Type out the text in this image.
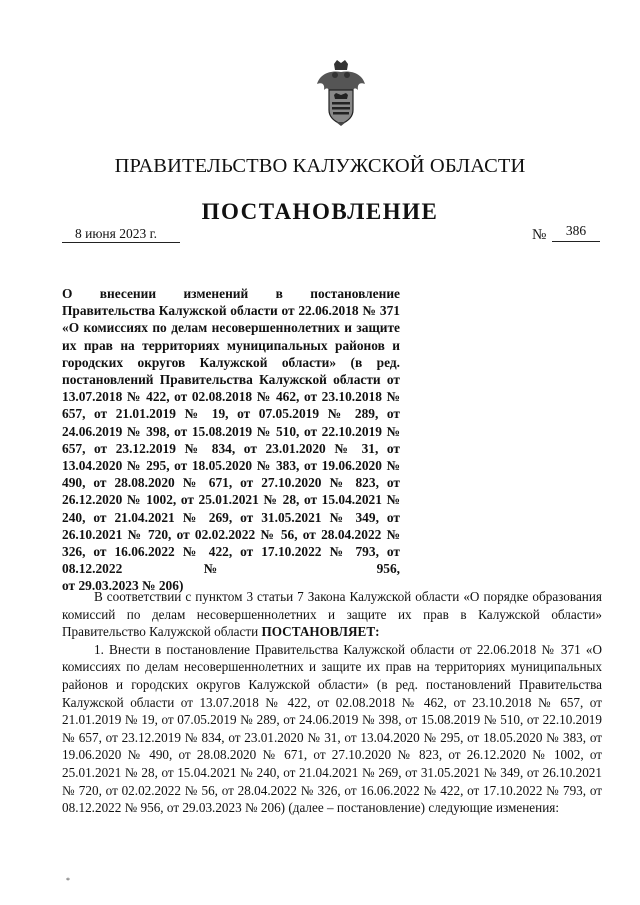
ПРАВИТЕЛЬСТВО КАЛУЖСКОЙ ОБЛАСТИ
ПОСТАНОВЛЕНИЕ
8 июня 2023 г.	№	386

О внесении изменений в постановление Правительства Калужской области от 22.06.2018 № 371 «О комиссиях по делам несовершеннолетних и защите их прав на территориях муниципальных районов и городских округов Калужской области» (в ред. постановлений Правительства Калужской области от 13.07.2018 № 422, от 02.08.2018 № 462, от 23.10.2018 № 657, от 21.01.2019 № 19, от 07.05.2019 № 289, от 24.06.2019 № 398, от 15.08.2019 № 510, от 22.10.2019 № 657, от 23.12.2019 № 834, от 23.01.2020 № 31, от 13.04.2020 № 295, от 18.05.2020 № 383, от 19.06.2020 № 490, от 28.08.2020 № 671, от 27.10.2020 № 823, от 26.12.2020 № 1002, от 25.01.2021 № 28, от 15.04.2021 № 240, от 21.04.2021 № 269, от 31.05.2021 № 349, от 26.10.2021 № 720, от 02.02.2022 № 56, от 28.04.2022 № 326, от 16.06.2022 № 422, от 17.10.2022 № 793, от 08.12.2022 № 956,
от 29.03.2023 № 206)

В соответствии с пунктом 3 статьи 7 Закона Калужской области «О порядке образования комиссий по делам несовершеннолетних и защите их прав в Калужской области» Правительство Калужской области ПОСТАНОВЛЯЕТ:

1. Внести в постановление Правительства Калужской области от 22.06.2018 № 371 «О комиссиях по делам несовершеннолетних и защите их прав на территориях муниципальных районов и городских округов Калужской области» (в ред. постановлений Правительства Калужской области от 13.07.2018 № 422, от 02.08.2018 № 462, от 23.10.2018 № 657, от 21.01.2019 № 19, от 07.05.2019 № 289, от 24.06.2019 № 398, от 15.08.2019 № 510, от 22.10.2019 № 657, от 23.12.2019 № 834, от 23.01.2020 № 31, от 13.04.2020 № 295, от 18.05.2020 № 383, от 19.06.2020 № 490, от 28.08.2020 № 671, от 27.10.2020 № 823, от 26.12.2020 № 1002, от 25.01.2021 № 28, от 15.04.2021 № 240, от 21.04.2021 № 269, от 31.05.2021 № 349, от 26.10.2021 № 720, от 02.02.2022 № 56, от 28.04.2022 № 326, от 16.06.2022 № 422, от 17.10.2022 № 793, от 08.12.2022 № 956, от 29.03.2023 № 206) (далее – постановление) следующие изменения:

*
